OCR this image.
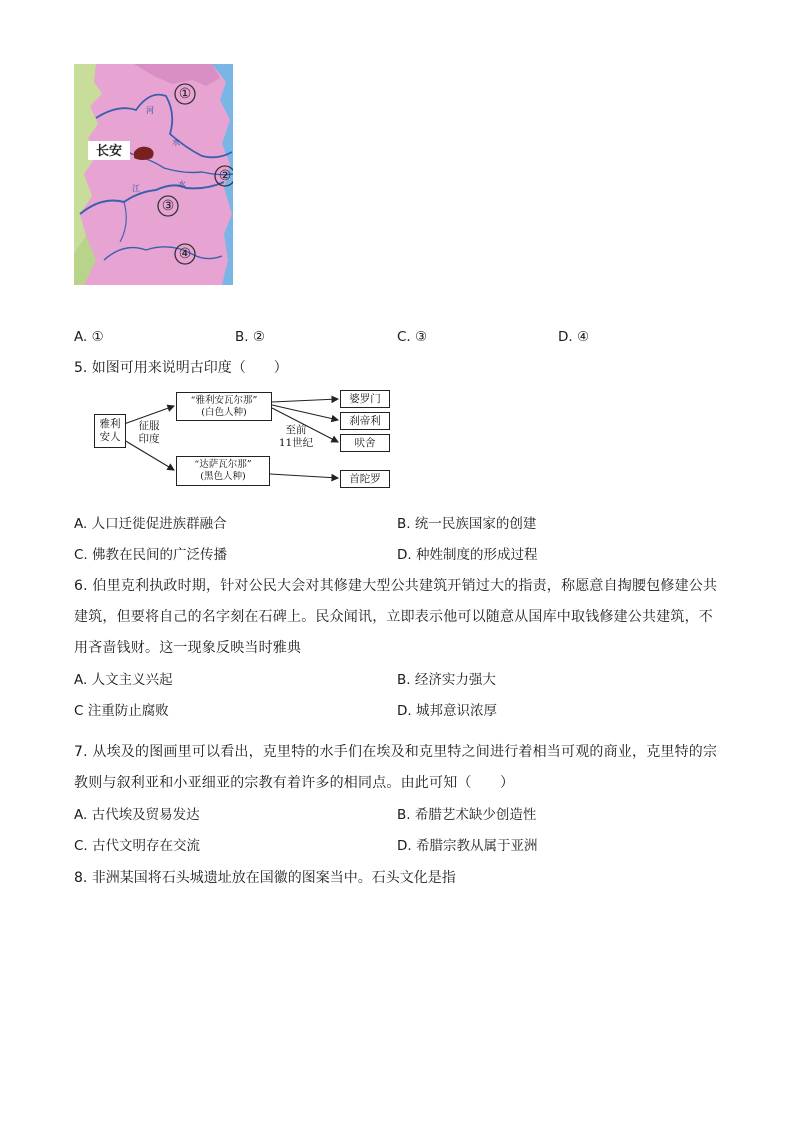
长安
①
②
③
④
河
水
江	水
A. ①	B. ②	C. ③	D. ④
5. 如图可用来说明古印度（　　）
雅利
安人
征服
印度
“雅利安瓦尔那”
(白色人种)
“达萨瓦尔那”
(黑色人种)
至前
11世纪
婆罗门
刹帝利
吠舍
首陀罗
A. 人口迁徙促进族群融合	B. 统一民族国家的创建
C. 佛教在民间的广泛传播	D. 种姓制度的形成过程
6. 伯里克利执政时期，针对公民大会对其修建大型公共建筑开销过大的指责，称愿意自掏腰包修建公共建筑，但要将自己的名字刻在石碑上。民众闻讯，立即表示他可以随意从国库中取钱修建公共建筑，不用吝啬钱财。这一现象反映当时雅典
A. 人文主义兴起	B. 经济实力强大
C 注重防止腐败	D. 城邦意识浓厚
7. 从埃及的图画里可以看出，克里特的水手们在埃及和克里特之间进行着相当可观的商业，克里特的宗教则与叙利亚和小亚细亚的宗教有着许多的相同点。由此可知（　　）
A. 古代埃及贸易发达	B. 希腊艺术缺少创造性
C. 古代文明存在交流	D. 希腊宗教从属于亚洲
8. 非洲某国将石头城遗址放在国徽的图案当中。石头文化是指
